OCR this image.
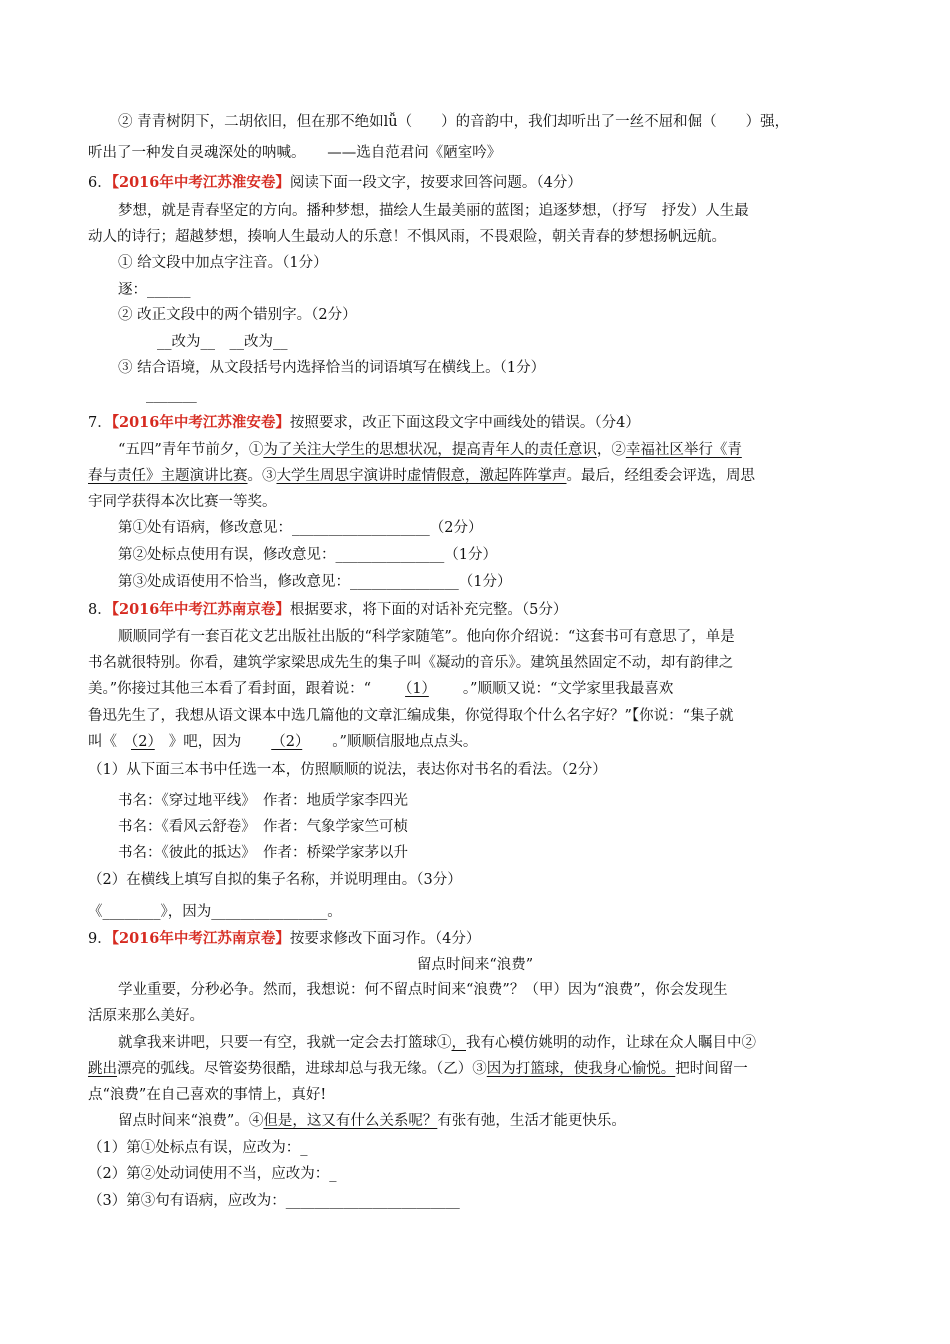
② 青青树阴下，二胡依旧，但在那不绝如lǚ（　　）的音韵中，我们却听出了一丝不屈和倔（　　）强，
听出了一种发自灵魂深处的呐喊。　　——选自范君问《陋室吟》
6．【2016年中考江苏淮安卷】阅读下面一段文字，按要求回答问题。（4分）
梦想，就是青春坚定的方向。播种梦想，描绘人生最美丽的蓝图；追逐梦想，（抒写　抒发）人生最
动人的诗行；超越梦想，揍响人生最动人的乐意！不惧风雨，不畏艰险，朝关青春的梦想扬帆远航。
① 给文段中加点字注音。（1分）
逐：______
② 改正文段中的两个错别字。（2分）
__改为__　__改为__
③ 结合语境，从文段括号内选择恰当的词语填写在横线上。（1分）
_______
7．【2016年中考江苏淮安卷】按照要求，改正下面这段文字中画线处的错误。（分4）
“五四”青年节前夕，①为了关注大学生的思想状况，提高青年人的责任意识，②幸福社区举行《青
春与责任》主题演讲比赛。③大学生周思宇演讲时虚情假意，激起阵阵掌声。最后，经组委会评选，周思
宇同学获得本次比赛一等奖。
第①处有语病，修改意见：___________________（2分）
第②处标点使用有误，修改意见：_______________（1分）
第③处成语使用不恰当，修改意见：_______________（1分）
8．【2016年中考江苏南京卷】根据要求，将下面的对话补充完整。（5分）
顺顺同学有一套百花文艺出版社出版的“科学家随笔”。他向你介绍说：“这套书可有意思了，单是
书名就很特别。你看，建筑学家梁思成先生的集子叫《凝动的音乐》。建筑虽然固定不动，却有韵律之
美。”你接过其他三本看了看封面，跟着说：“ （1） 。”顺顺又说：“文学家里我最喜欢
鲁迅先生了，我想从语文课本中选几篇他的文章汇编成集，你觉得取个什么名字好？”【你说：“集子就
叫《 （2） 》吧，因为 （2） 。”顺顺信服地点点头。
（1）从下面三本书中任选一本，仿照顺顺的说法，表达你对书名的看法。（2分）
书名：《穿过地平线》　作者：地质学家李四光
书名：《看风云舒卷》　作者：气象学家竺可桢
书名：《彼此的抵达》　作者：桥梁学家茅以升
（2）在横线上填写自拟的集子名称，并说明理由。（3分）
《________》，因为________________。
9．【2016年中考江苏南京卷】按要求修改下面习作。（4分）
留点时间来“浪费”
学业重要，分秒必争。然而，我想说：何不留点时间来“浪费”？（甲）因为“浪费”，你会发现生
活原来那么美好。
就拿我来讲吧，只要一有空，我就一定会去打篮球①，我有心模仿姚明的动作，让球在众人瞩目中②
跳出漂亮的弧线。尽管姿势很酷，进球却总与我无缘。（乙）③因为打篮球，使我身心愉悦。把时间留一
点“浪费”在自己喜欢的事情上，真好!
留点时间来“浪费”。④但是，这又有什么关系呢？有张有弛，生活才能更快乐。
（1）第①处标点有误，应改为：_
（2）第②处动词使用不当，应改为：_
（3）第③句有语病，应改为：________________________
